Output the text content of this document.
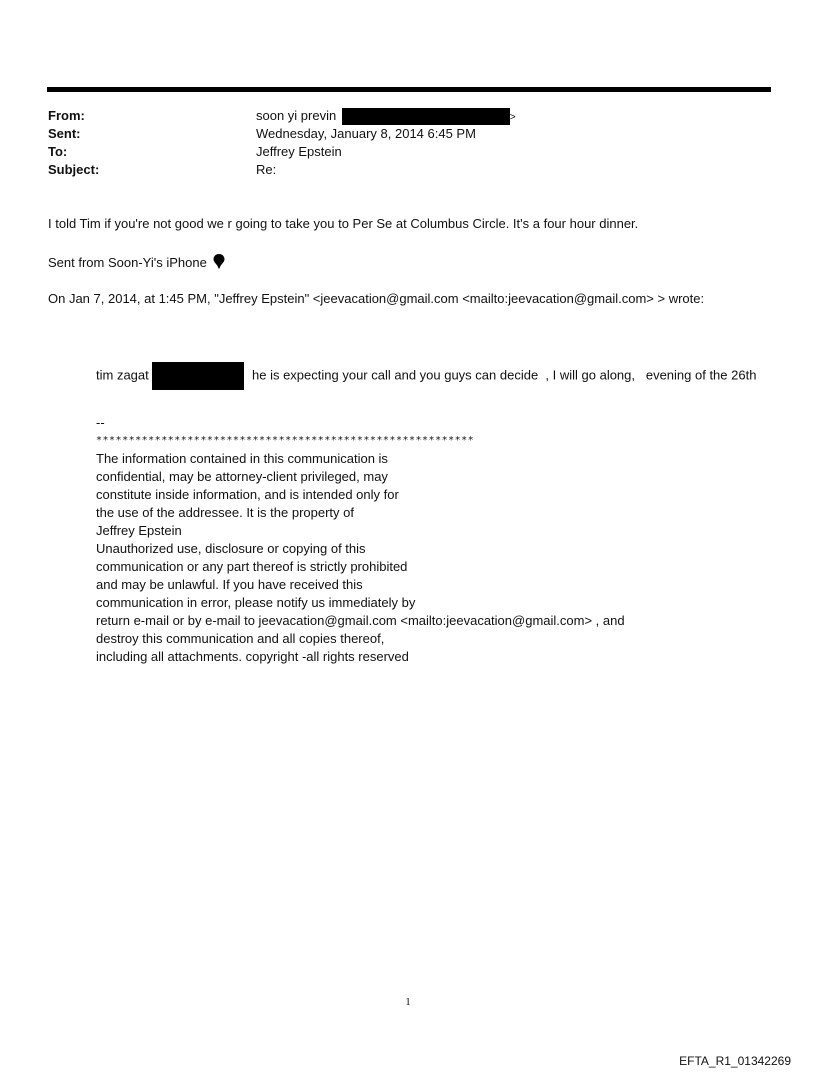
From:	soon yi previn	>
Sent:	Wednesday, January 8, 2014 6:45 PM
To:	Jeffrey Epstein
Subject:	Re:
I told Tim if you're not good we r going to take you to Per Se at Columbus Circle. It's a four hour dinner.
Sent from Soon-Yi's iPhone
On Jan 7, 2014, at 1:45 PM, "Jeffrey Epstein" <jeevacation@gmail.com <mailto:jeevacation@gmail.com> > wrote:
tim zagat	he is expecting your call and you guys can decide  , I will go along,   evening of the 26th
--
**********************************************************
The information contained in this communication is
confidential, may be attorney-client privileged, may
constitute inside information, and is intended only for
the use of the addressee. It is the property of
Jeffrey Epstein
Unauthorized use, disclosure or copying of this
communication or any part thereof is strictly prohibited
and may be unlawful. If you have received this
communication in error, please notify us immediately by
return e-mail or by e-mail to jeevacation@gmail.com <mailto:jeevacation@gmail.com> , and
destroy this communication and all copies thereof,
including all attachments. copyright -all rights reserved
1
EFTA_R1_01342269
